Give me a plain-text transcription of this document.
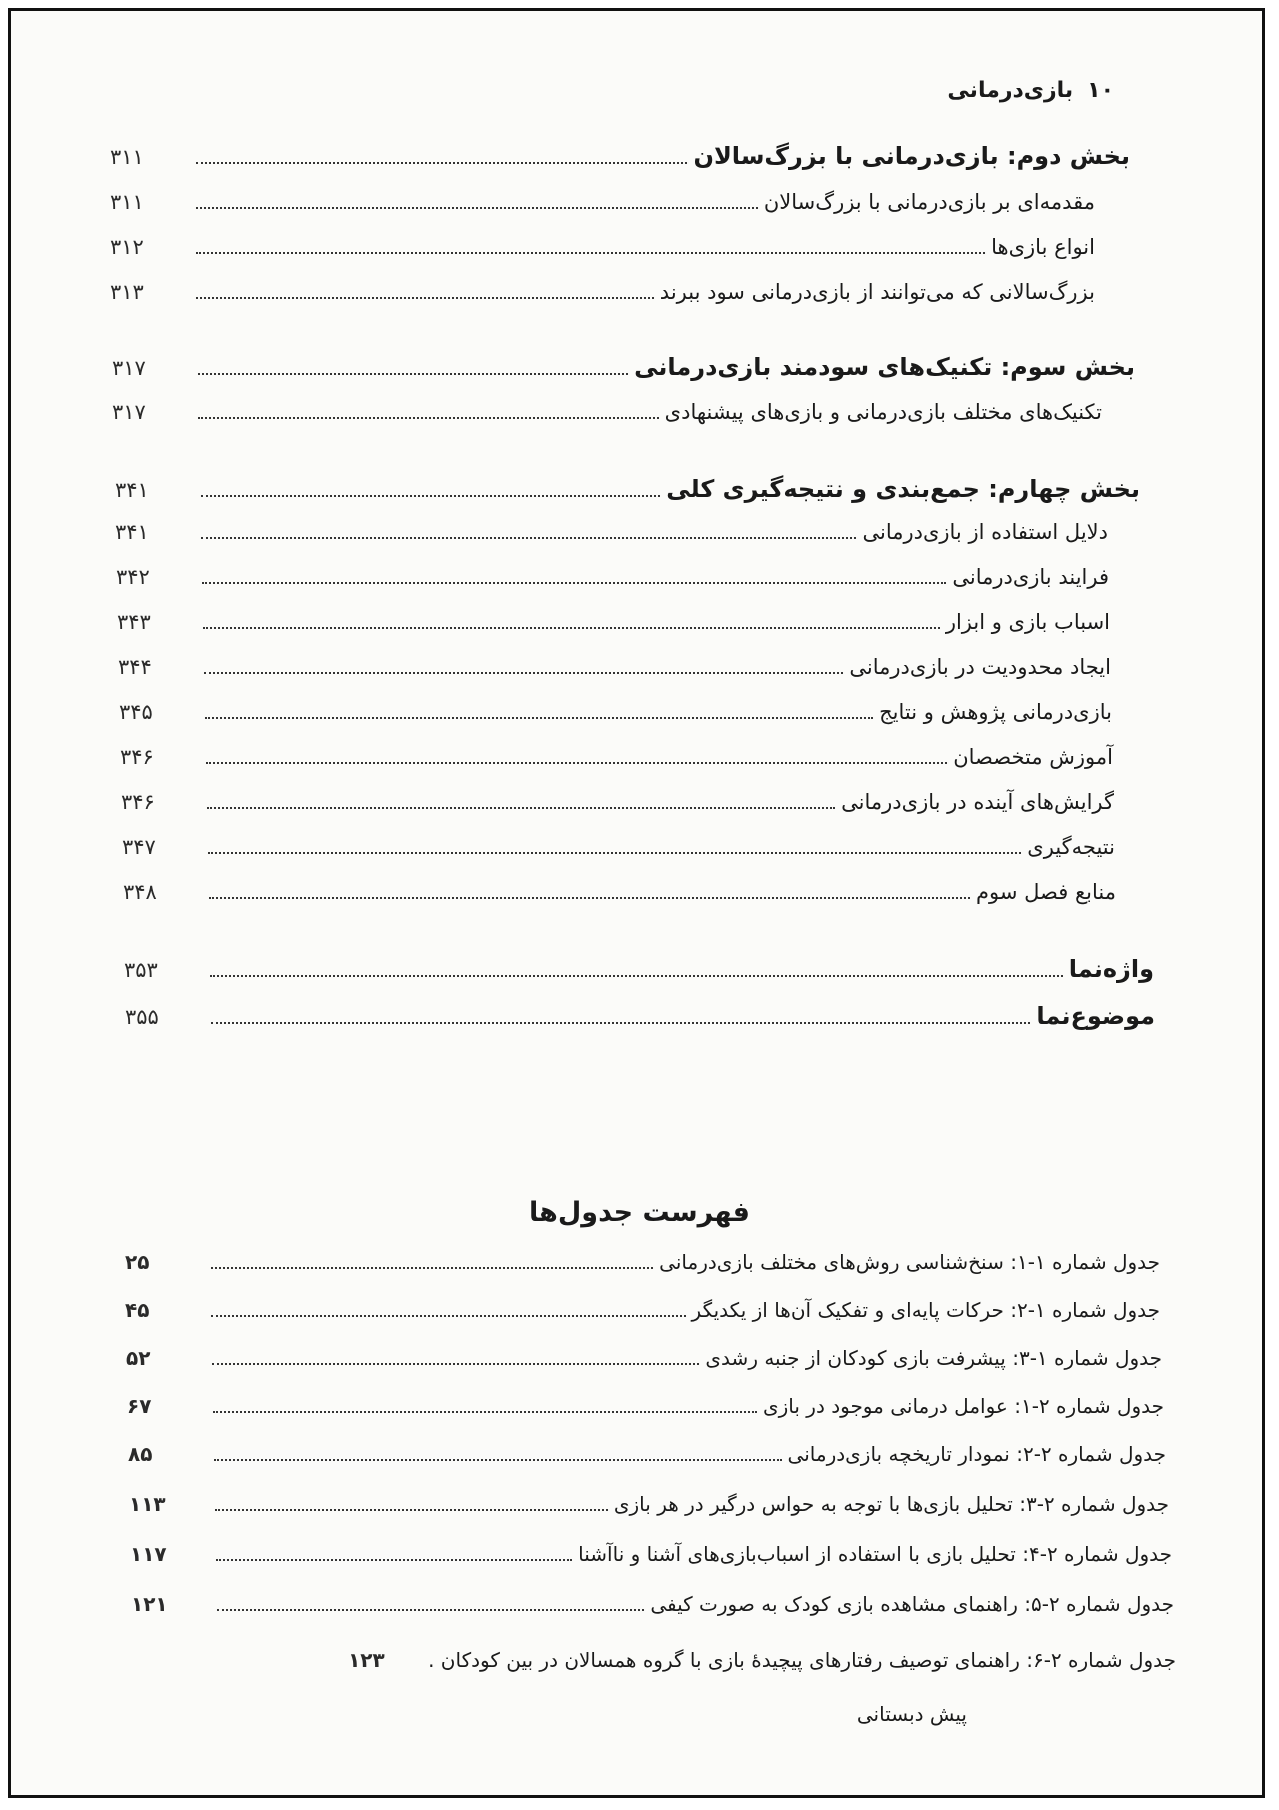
۱۰
بازی‌درمانی
بخش دوم: بازی‌درمانی با بزرگ‌سالان
۳۱۱
مقدمه‌ای بر بازی‌درمانی با بزرگ‌سالان
۳۱۱
انواع بازی‌ها
۳۱۲
بزرگ‌سالانی که می‌توانند از بازی‌درمانی سود ببرند
۳۱۳
بخش سوم: تکنیک‌های سودمند بازی‌درمانی
۳۱۷
تکنیک‌های مختلف بازی‌درمانی و بازی‌های پیشنهادی
۳۱۷
بخش چهارم: جمع‌بندی و نتیجه‌گیری کلی
۳۴۱
دلایل استفاده از بازی‌درمانی
۳۴۱
فرایند بازی‌درمانی
۳۴۲
اسباب بازی و ابزار
۳۴۳
ایجاد محدودیت در بازی‌درمانی
۳۴۴
بازی‌درمانی پژوهش و نتایج
۳۴۵
آموزش متخصصان
۳۴۶
گرایش‌های آینده در بازی‌درمانی
۳۴۶
نتیجه‌گیری
۳۴۷
منابع فصل سوم
۳۴۸
واژه‌نما
۳۵۳
موضوع‌نما
۳۵۵
فهرست جدول‌ها
جدول شماره ۱-۱: سنخ‌شناسی روش‌های مختلف بازی‌درمانی
۲۵
جدول شماره ۱-۲: حرکات پایه‌ای و تفکیک آن‌ها از یکدیگر
۴۵
جدول شماره ۱-۳: پیشرفت بازی کودکان از جنبه رشدی
۵۲
جدول شماره ۲-۱: عوامل درمانی موجود در بازی
۶۷
جدول شماره ۲-۲: نمودار تاریخچه بازی‌درمانی
۸۵
جدول شماره ۲-۳: تحلیل بازی‌ها با توجه به حواس درگیر در هر بازی
۱۱۳
جدول شماره ۲-۴: تحلیل بازی با استفاده از اسباب‌بازی‌های آشنا و ناآشنا
۱۱۷
جدول شماره ۲-۵: راهنمای مشاهده بازی کودک به صورت کیفی
۱۲۱
جدول شماره ۲-۶: راهنمای توصیف رفتارهای پیچیدهٔ بازی با گروه همسالان در بین کودکان .
۱۲۳
پیش دبستانی
